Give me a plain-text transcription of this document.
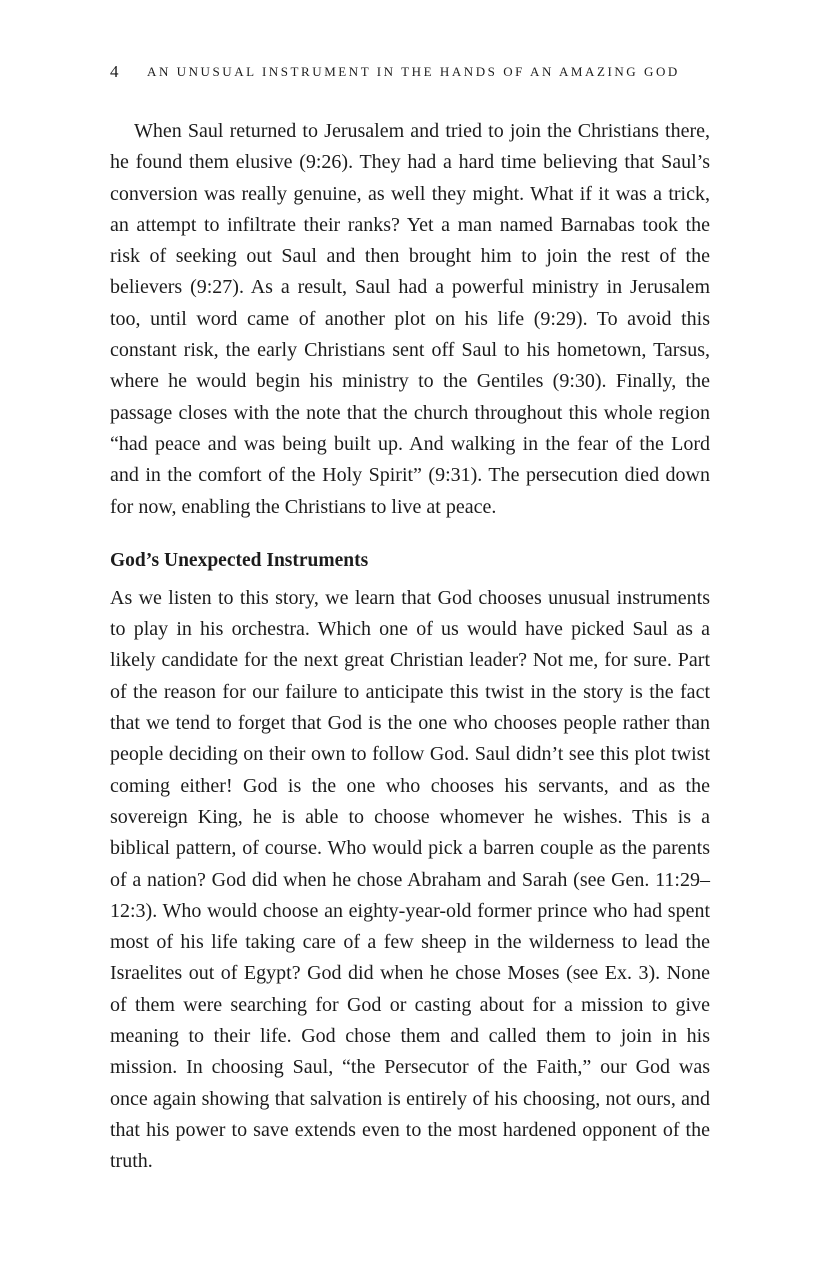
4 AN UNUSUAL INSTRUMENT IN THE HANDS OF AN AMAZING GOD

When Saul returned to Jerusalem and tried to join the Christians there, he found them elusive (9:26). They had a hard time believing that Saul’s conversion was really genuine, as well they might. What if it was a trick, an attempt to infiltrate their ranks? Yet a man named Barnabas took the risk of seeking out Saul and then brought him to join the rest of the believers (9:27). As a result, Saul had a powerful ministry in Jerusalem too, until word came of another plot on his life (9:29). To avoid this constant risk, the early Christians sent off Saul to his hometown, Tarsus, where he would begin his ministry to the Gentiles (9:30). Finally, the passage closes with the note that the church throughout this whole region “had peace and was being built up. And walking in the fear of the Lord and in the comfort of the Holy Spirit” (9:31). The persecution died down for now, enabling the Christians to live at peace.

God’s Unexpected Instruments

As we listen to this story, we learn that God chooses unusual instruments to play in his orchestra. Which one of us would have picked Saul as a likely candidate for the next great Christian leader? Not me, for sure. Part of the reason for our failure to anticipate this twist in the story is the fact that we tend to forget that God is the one who chooses people rather than people deciding on their own to follow God. Saul didn’t see this plot twist coming either! God is the one who chooses his servants, and as the sovereign King, he is able to choose whomever he wishes. This is a biblical pattern, of course. Who would pick a barren couple as the parents of a nation? God did when he chose Abraham and Sarah (see Gen. 11:29–12:3). Who would choose an eighty-year-old former prince who had spent most of his life taking care of a few sheep in the wilderness to lead the Israelites out of Egypt? God did when he chose Moses (see Ex. 3). None of them were searching for God or casting about for a mission to give meaning to their life. God chose them and called them to join in his mission. In choosing Saul, “the Persecutor of the Faith,” our God was once again showing that salvation is entirely of his choosing, not ours, and that his power to save extends even to the most hardened opponent of the truth.
